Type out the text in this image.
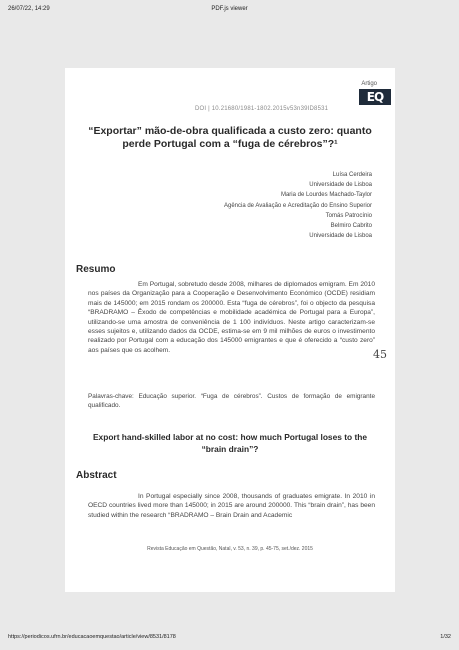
26/07/22, 14:29	PDF.js viewer
Artigo
EQ
DOI | 10.21680/1981-1802.2015v53n39ID8531
“Exportar” mão-de-obra qualificada a custo zero: quanto perde Portugal com a “fuga de cérebros”?¹
Luísa Cerdeira
Universidade de Lisboa
Maria de Lourdes Machado-Taylor
Agência de Avaliação e Acreditação do Ensino Superior
Tomás Patrocínio
Belmiro Cabrito
Universidade de Lisboa
Resumo
Em Portugal, sobretudo desde 2008, milhares de diplomados emigram. Em 2010 nos países da Organização para a Cooperação e Desenvolvimento Económico (OCDE) residiam mais de 145000; em 2015 rondam os 200000. Esta “fuga de cérebros”, foi o objecto da pesquisa “BRADRAMO – Êxodo de competências e mobilidade académica de Portugal para a Europa”, utilizando-se uma amostra de conveniência de 1 100 indivíduos. Neste artigo caracterizam-se esses sujeitos e, utilizando dados da OCDE, estima-se em 9 mil milhões de euros o investimento realizado por Portugal com a educação dos 145000 emigrantes e que é oferecido a “custo zero” aos países que os acolhem.
Palavras-chave: Educação superior. “Fuga de cérebros”. Custos de formação de emigrante qualificado.
Export hand-skilled labor at no cost: how much Portugal loses to the “brain drain”?
Abstract
In Portugal especially since 2008, thousands of graduates emigrate. In 2010 in OECD countries lived more than 145000; in 2015 are around 200000. This “brain drain”, has been studied within the research “BRADRAMO – Brain Drain and Academic
Revista Educação em Questão, Natal, v. 53, n. 39, p. 45-75, set./dez. 2015
45
https://periodicos.ufrn.br/educacaoemquestao/article/view/8531/8178	1/32
